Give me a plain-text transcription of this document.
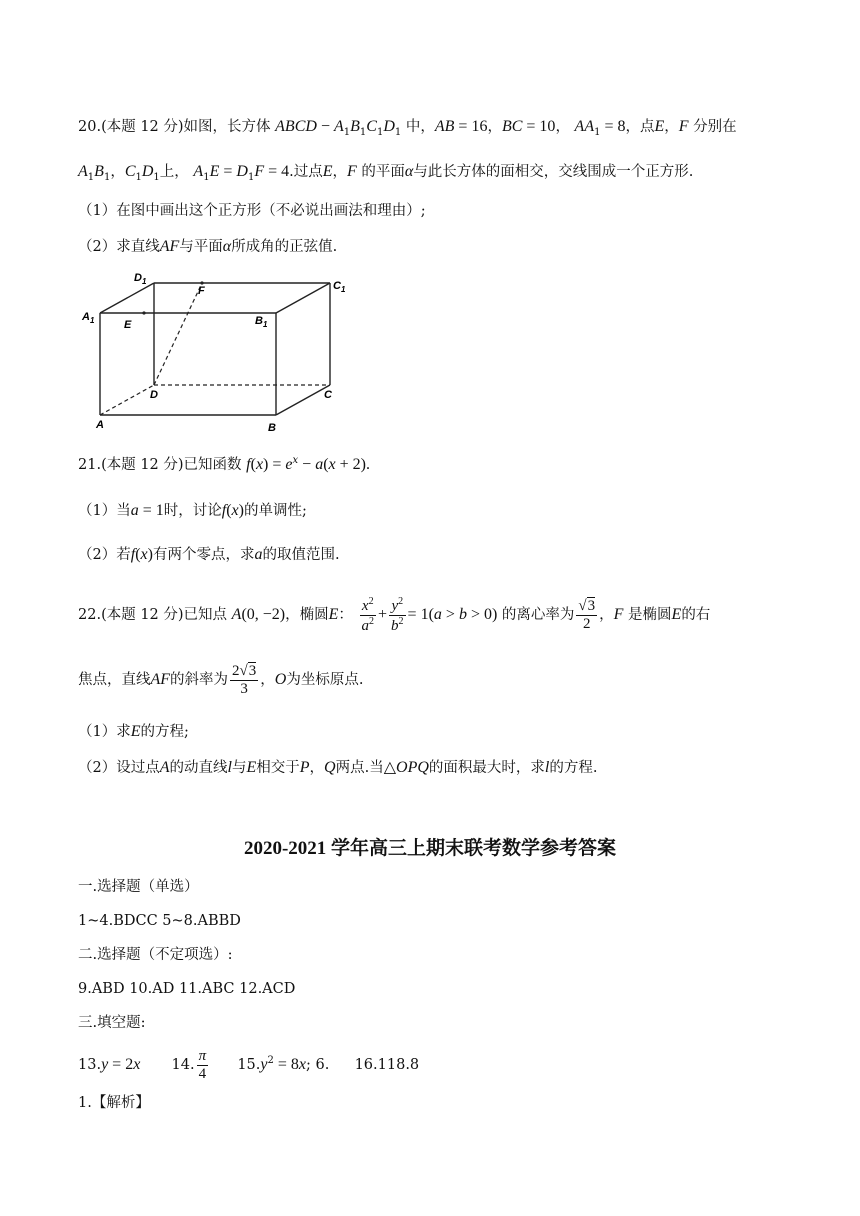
20.(本题 12 分)如图，长方体 ABCD − $A_1B_1C_1D_1$ 中，AB = 16，BC = 10， $AA_1 = 8$，点E，F 分别在
$A_1B_1$，$C_1D_1$上， $A_1E = D_1F = 4$.过点E，F 的平面α与此长方体的面相交，交线围成一个正方形.
（1）在图中画出这个正方形（不必说出画法和理由）;
（2）求直线AF与平面α所成角的正弦值.
$D_1$
F	$C_1$
$A_1$	E	$B_1$
D	C
A	B
21.(本题 12 分)已知函数 $f(x) = e^x - a(x + 2)$.
（1）当a = 1时，讨论f(x)的单调性;
（2）若f(x)有两个零点，求a的取值范围.
22.(本题 12 分)已知点 A(0, −2)，椭圆E： $\frac{x^2}{a^2} + \frac{y^2}{b^2} = 1(a > b > 0)$ 的离心率为 $\frac{√3}{2}$ ，F 是椭圆E的右
焦点，直线AF的斜率为 $\frac{2√3}{3}$ ，O为坐标原点.
（1）求E的方程;
（2）设过点A的动直线l与E相交于P，Q两点.当△OPQ的面积最大时，求l的方程.
2020-2021 学年高三上期末联考数学参考答案
一.选择题（单选）
1~4.BDCC 5~8.ABBD
二.选择题（不定项选）:
9.ABD 10.AD 11.ABC 12.ACD
三.填空题:
13.y = 2x 14. $\frac{\pi}{4} 15.y^2 = 8x$; 6. 16.118.8
1.【解析】
